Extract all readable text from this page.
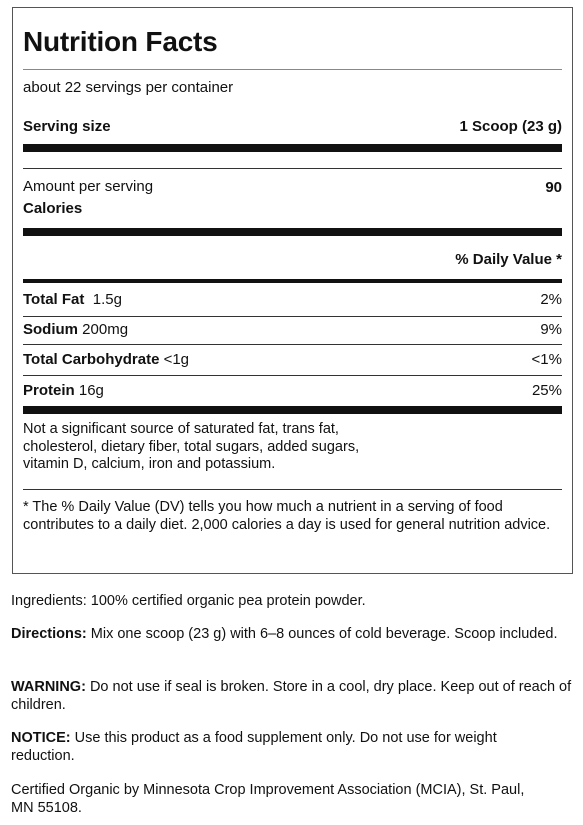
Nutrition Facts
about 22 servings per container
Serving size	1 Scoop (23 g)
Amount per serving	90
Calories
% Daily Value *
Total Fat 1.5g	2%
Sodium 200mg	9%
Total Carbohydrate <1g	<1%
Protein 16g	25%
Not a significant source of saturated fat, trans fat, cholesterol, dietary fiber, total sugars, added sugars, vitamin D, calcium, iron and potassium.
* The % Daily Value (DV) tells you how much a nutrient in a serving of food contributes to a daily diet. 2,000 calories a day is used for general nutrition advice.
Ingredients: 100% certified organic pea protein powder.
Directions: Mix one scoop (23 g) with 6–8 ounces of cold beverage. Scoop included.
WARNING: Do not use if seal is broken. Store in a cool, dry place. Keep out of reach of children.
NOTICE: Use this product as a food supplement only. Do not use for weight reduction.
Certified Organic by Minnesota Crop Improvement Association (MCIA), St. Paul, MN 55108.
